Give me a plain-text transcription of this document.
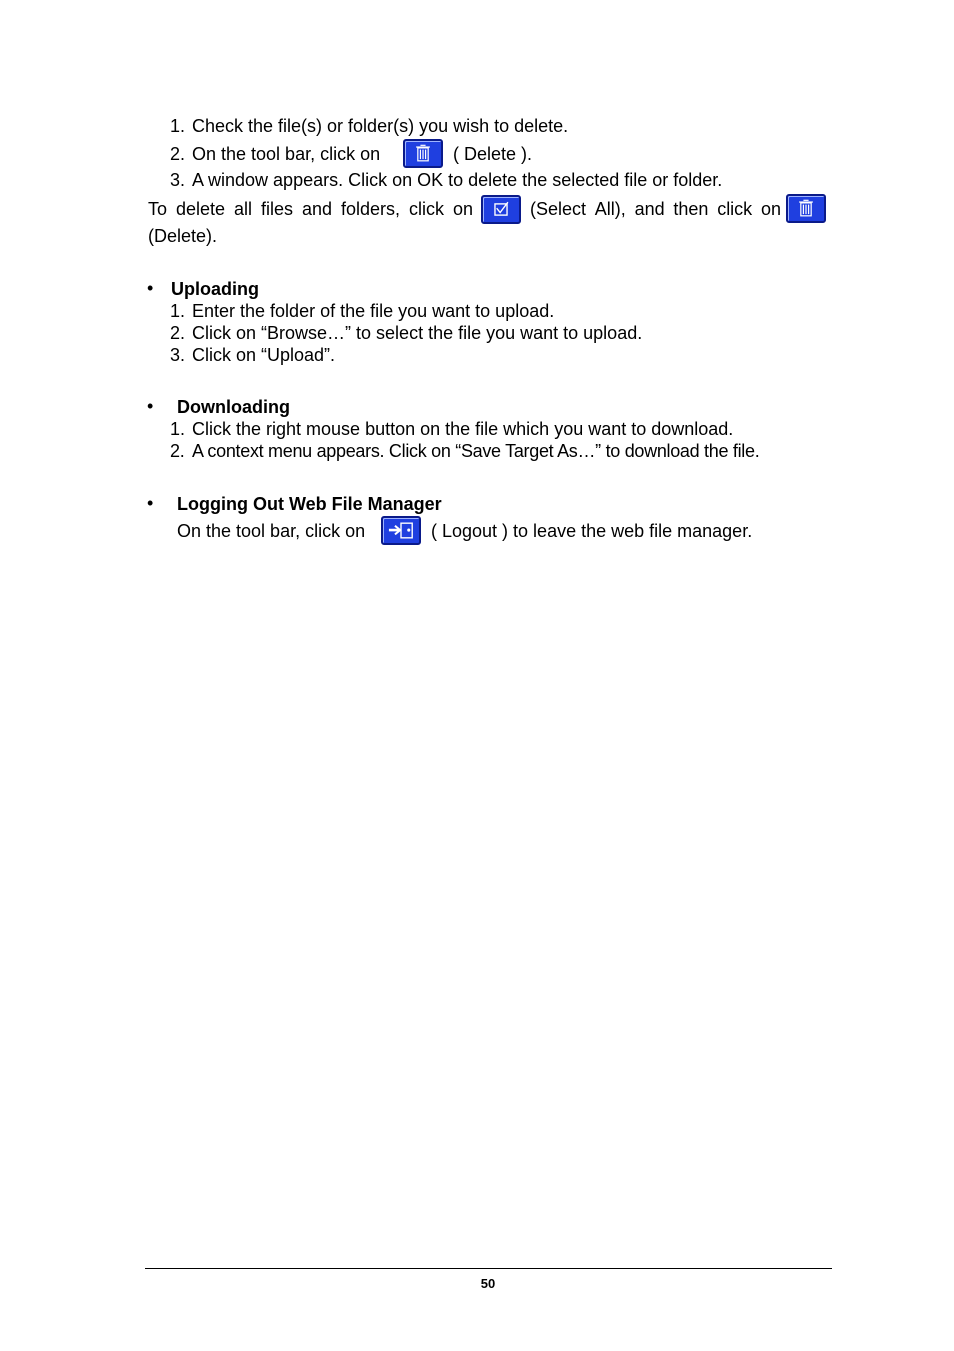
1. Check the file(s) or folder(s) you wish to delete.
2. On the tool bar, click on	( Delete ).
3. A window appears. Click on OK to delete the selected file or folder.
To delete all files and folders, click on	(Select All), and then click on
(Delete).
• Uploading
1. Enter the folder of the file you want to upload.
2. Click on “Browse…” to select the file you want to upload.
3. Click on “Upload”.
• Downloading
1. Click the right mouse button on the file which you want to download.
2. A context menu appears. Click on “Save Target As…” to download the file.
• Logging Out Web File Manager
On the tool bar, click on	( Logout ) to leave the web file manager.
50
